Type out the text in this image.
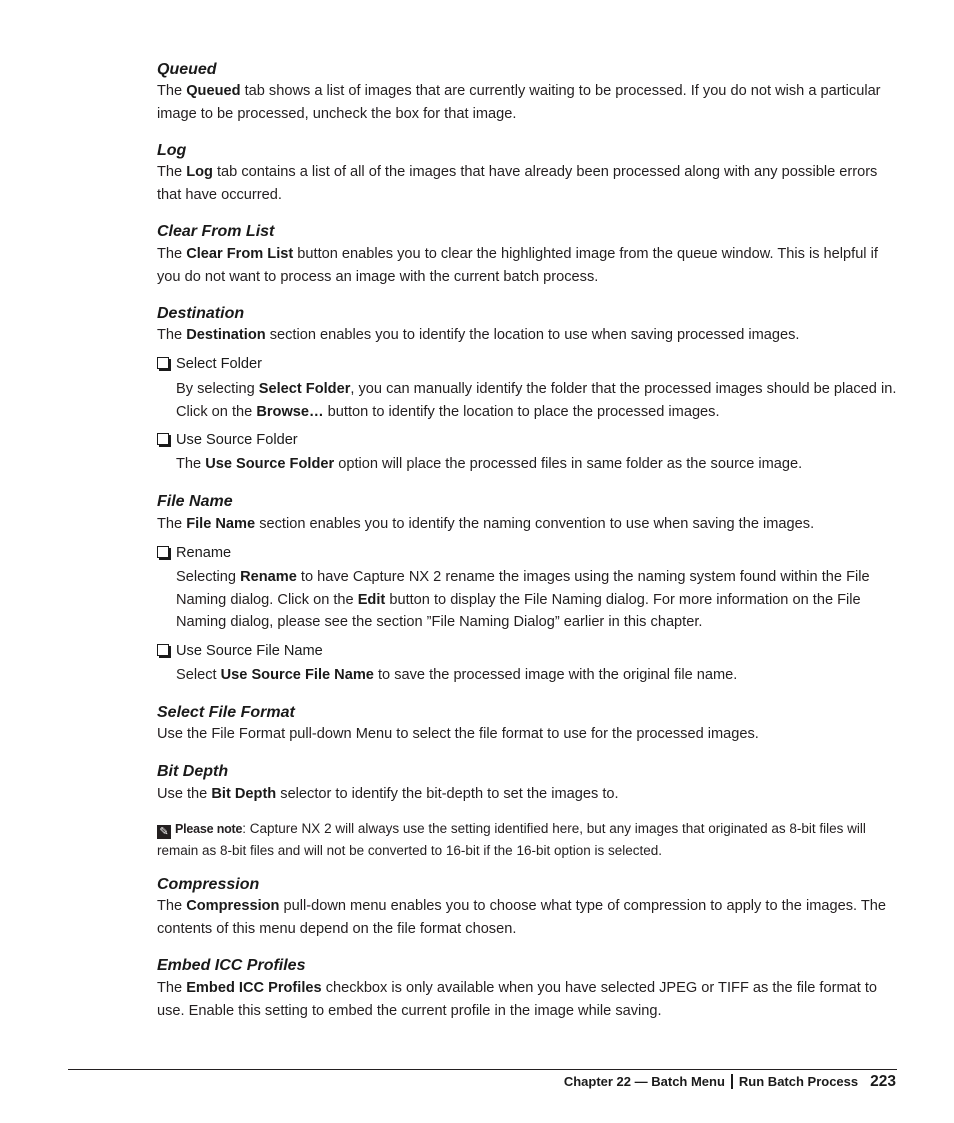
Queued

The Queued tab shows a list of images that are currently waiting to be processed. If you do not wish a particular image to be processed, uncheck the box for that image.

Log

The Log tab contains a list of all of the images that have already been processed along with any possible errors that have occurred.

Clear From List

The Clear From List button enables you to clear the highlighted image from the queue window. This is helpful if you do not want to process an image with the current batch process.

Destination

The Destination section enables you to identify the location to use when saving processed images.

Select Folder

By selecting Select Folder, you can manually identify the folder that the processed images should be placed in. Click on the Browse… button to identify the location to place the processed images.

Use Source Folder

The Use Source Folder option will place the processed files in same folder as the source image.

File Name

The File Name section enables you to identify the naming convention to use when saving the images.

Rename

Selecting Rename to have Capture NX 2 rename the images using the naming system found within the File Naming dialog. Click on the Edit button to display the File Naming dialog. For more information on the File Naming dialog, please see the section ”File Naming Dialog” earlier in this chapter.

Use Source File Name

Select Use Source File Name to save the processed image with the original file name.

Select File Format

Use the File Format pull-down Menu to select the file format to use for the processed images.

Bit Depth

Use the Bit Depth selector to identify the bit-depth to set the images to.

✎ Please note: Capture NX 2 will always use the setting identified here, but any images that originated as 8-bit files will remain as 8-bit files and will not be converted to 16-bit if the 16-bit option is selected.

Compression

The Compression pull-down menu enables you to choose what type of compression to apply to the images. The contents of this menu depend on the file format chosen.

Embed ICC Profiles

The Embed ICC Profiles checkbox is only available when you have selected JPEG or TIFF as the file format to use. Enable this setting to embed the current profile in the image while saving.

Chapter 22 — Batch Menu Run Batch Process 223
